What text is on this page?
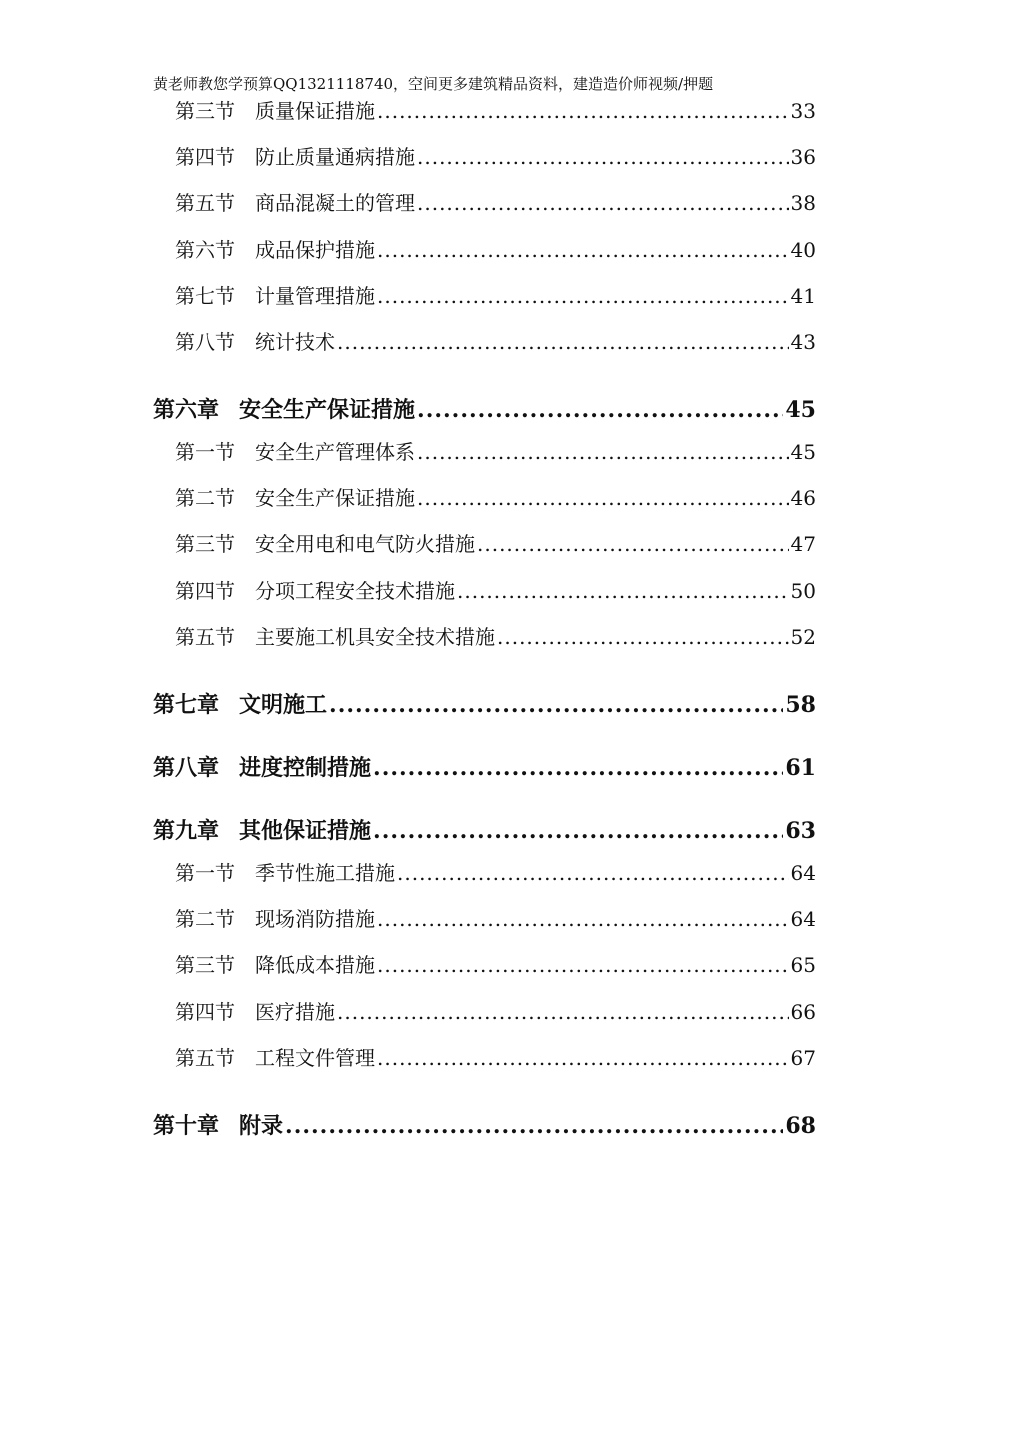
黄老师教您学预算QQ1321118740，空间更多建筑精品资料，建造造价师视频/押题
第三节 质量保证措施 .....	33
第四节 防止质量通病措施 .....	36
第五节 商品混凝土的管理 .....	38
第六节 成品保护措施 .....	40
第七节 计量管理措施 .....	41
第八节 统计技术 .....	43
第六章 安全生产保证措施 .....	45
第一节 安全生产管理体系 .....	45
第二节 安全生产保证措施 .....	46
第三节 安全用电和电气防火措施 .....	47
第四节 分项工程安全技术措施 .....	50
第五节 主要施工机具安全技术措施 .....	52
第七章 文明施工 .....	58
第八章 进度控制措施 .....	61
第九章 其他保证措施 .....	63
第一节 季节性施工措施 .....	64
第二节 现场消防措施 .....	64
第三节 降低成本措施 .....	65
第四节 医疗措施 .....	66
第五节 工程文件管理 .....	67
第十章 附录 .....	68
